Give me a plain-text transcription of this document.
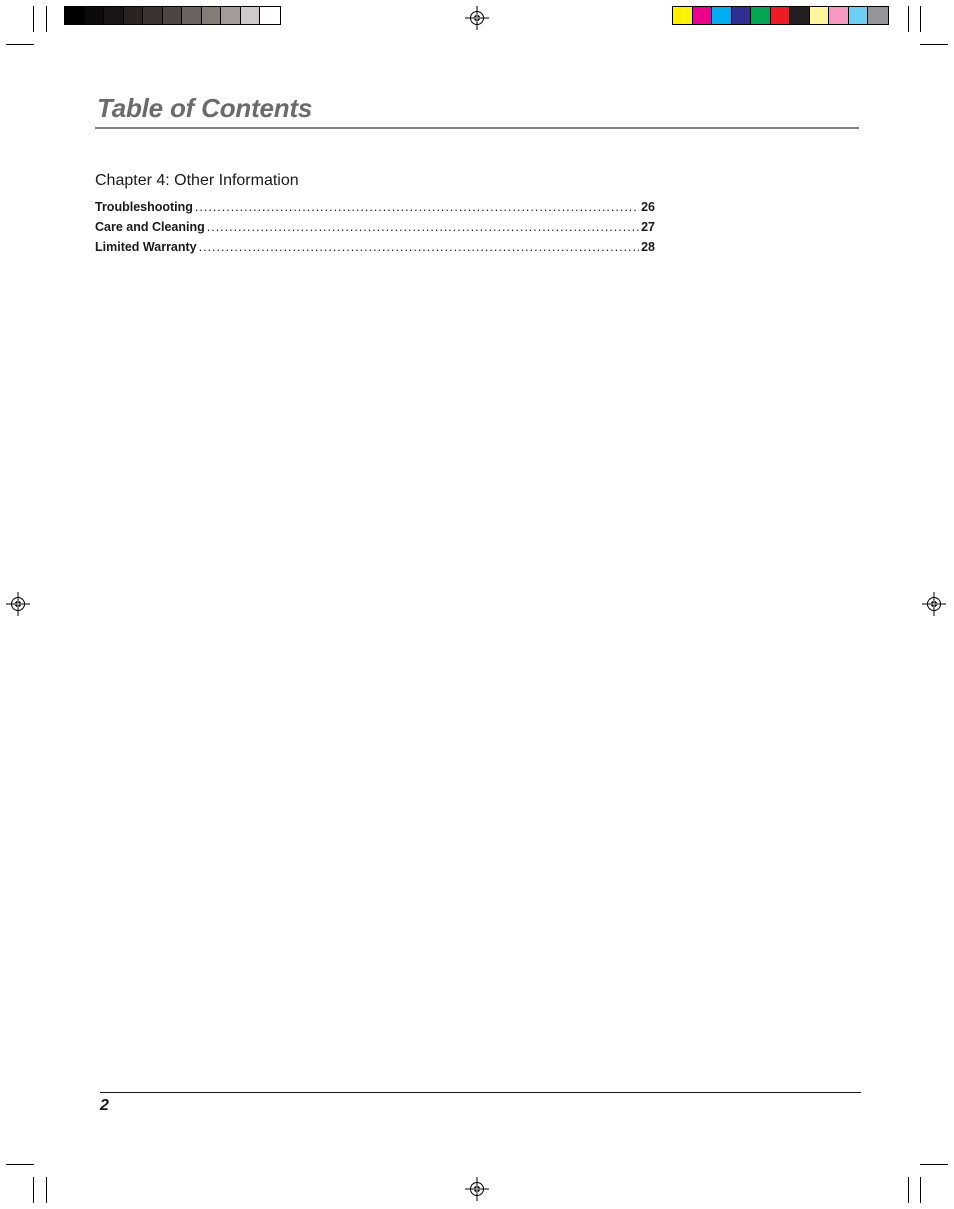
Table of Contents
Chapter 4: Other Information
Troubleshooting .....	26
Care and Cleaning .....	27
Limited Warranty .....	28
2
